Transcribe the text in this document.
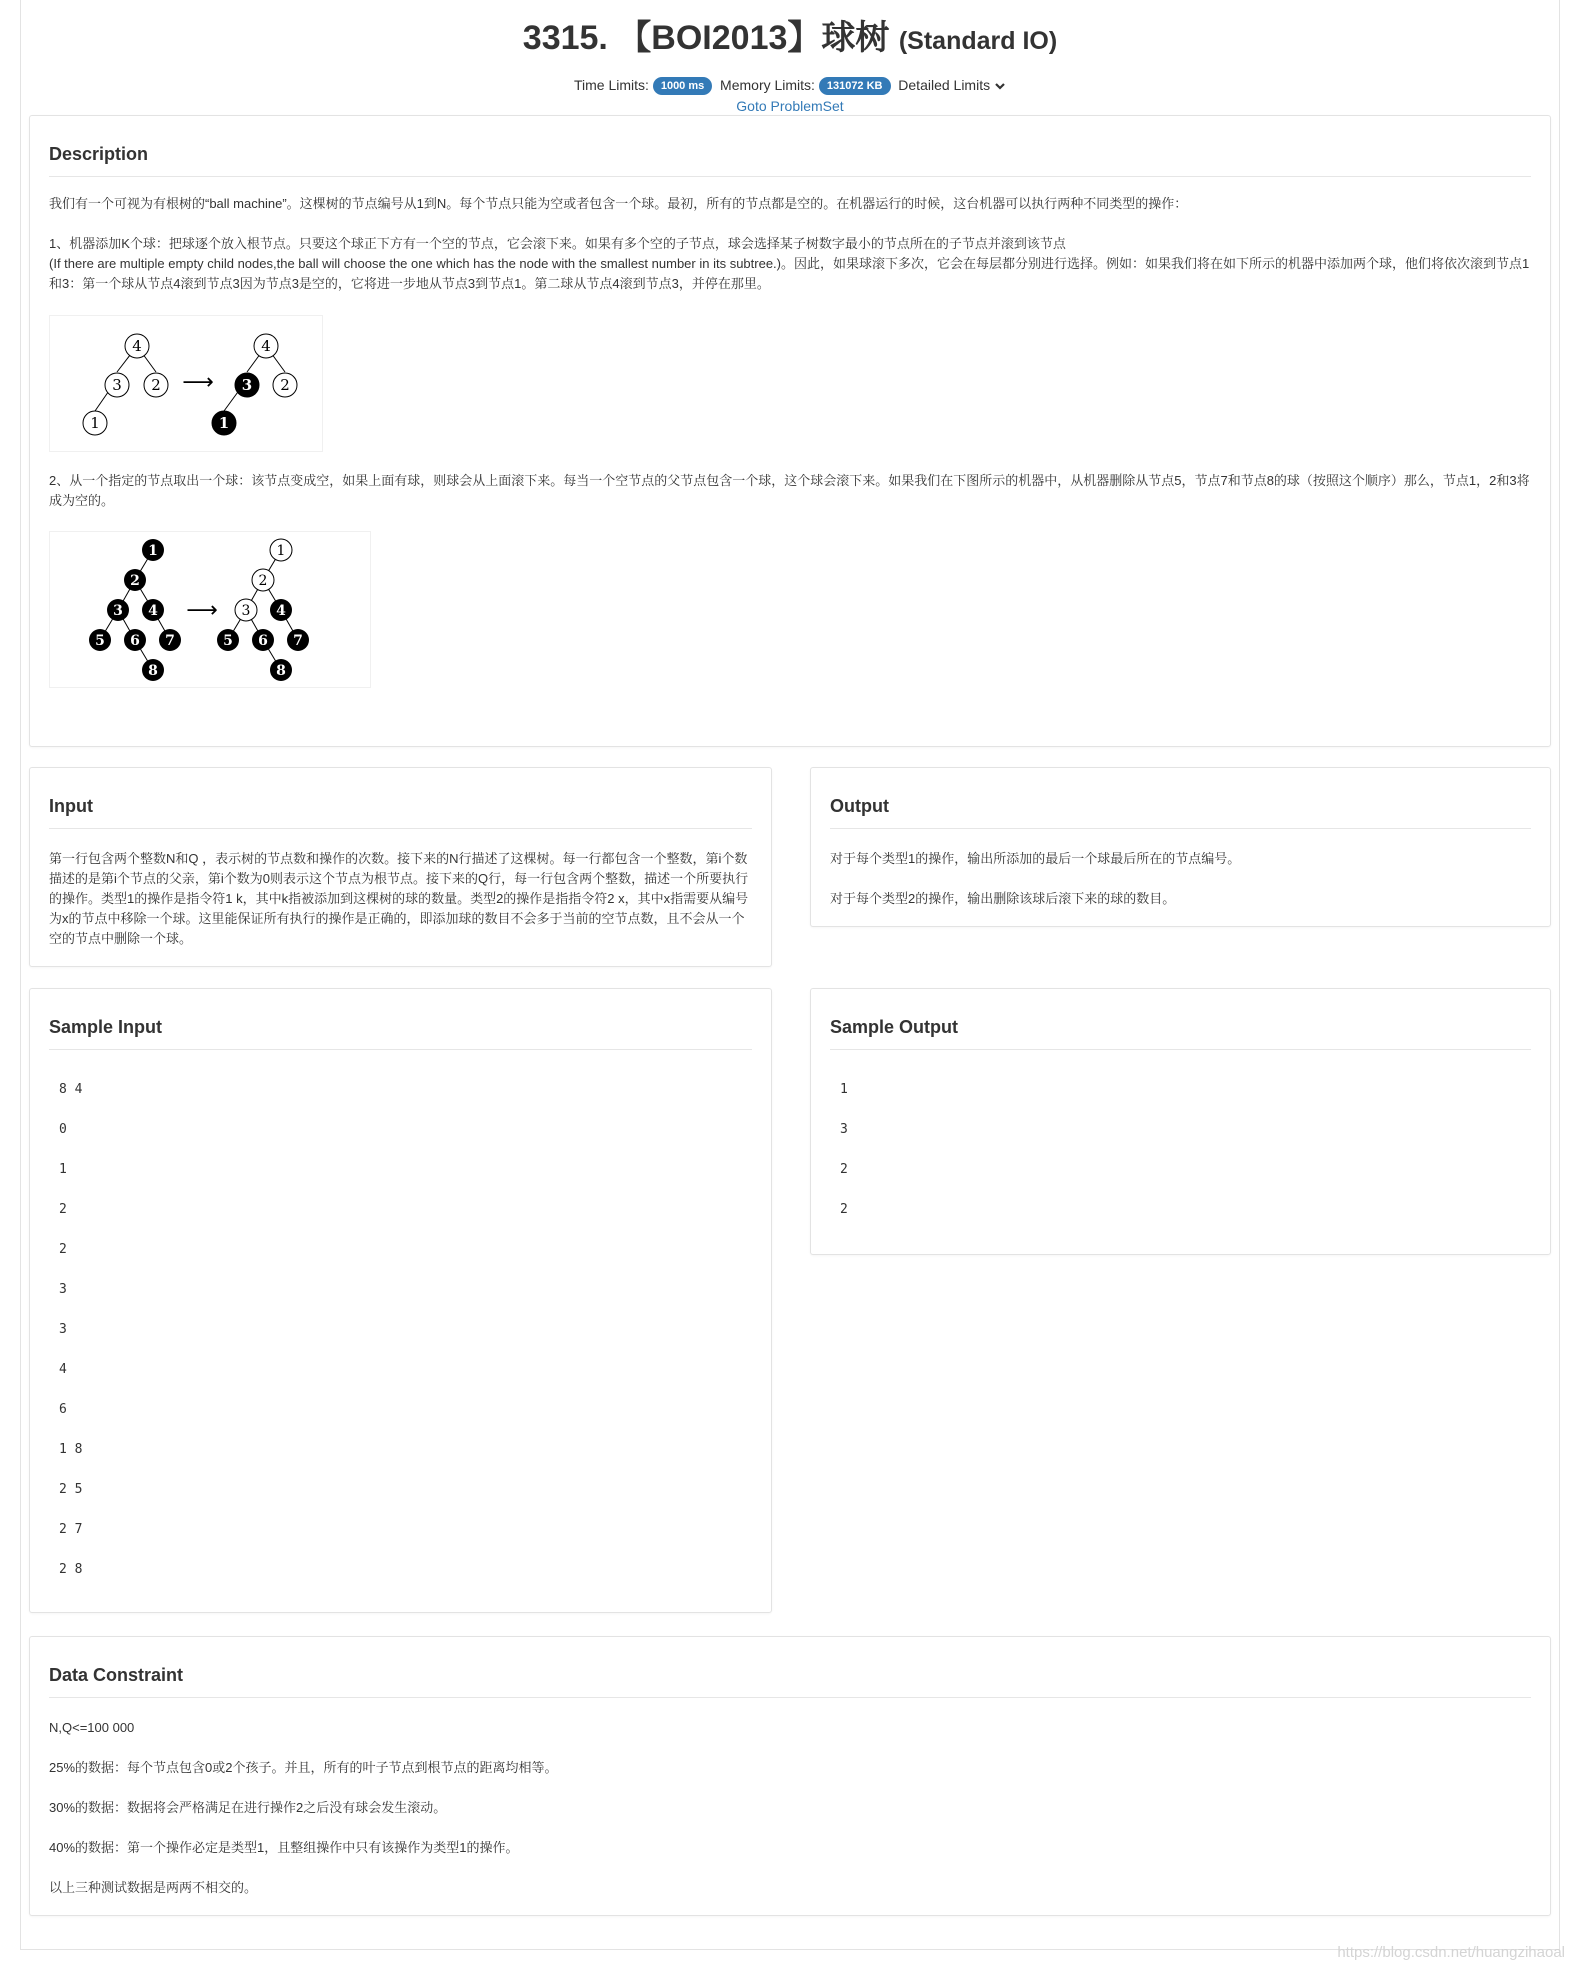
3315. 【BOI2013】球树 (Standard IO)
Time Limits: 1000 ms Memory Limits: 131072 KB Detailed Limits
Goto ProblemSet
Description

我们有一个可视为有根树的“ball machine”。这棵树的节点编号从1到N。每个节点只能为空或者包含一个球。最初，所有的节点都是空的。在机器运行的时候，这台机器可以执行两种不同类型的操作：

1、机器添加K个球：把球逐个放入根节点。只要这个球正下方有一个空的节点，它会滚下来。如果有多个空的子节点，球会选择某子树数字最小的节点所在的子节点并滚到该节点

(If there are multiple empty child nodes,the ball will choose the one which has the node with the smallest number in its subtree.)。因此，如果球滚下多次，它会在每层都分别进行选择。例如：如果我们将在如下所示的机器中添加两个球，他们将依次滚到节点1和3：第一个球从节点4滚到节点3因为节点3是空的，它将进一步地从节点3到节点1。第二球从节点4滚到节点3，并停在那里。

4
3 2
1
⟶
4
3 2
1

2、从一个指定的节点取出一个球：该节点变成空，如果上面有球，则球会从上面滚下来。每当一个空节点的父节点包含一个球，这个球会滚下来。如果我们在下图所示的机器中，从机器删除从节点5，节点7和节点8的球（按照这个顺序）那么，节点1，2和3将成为空的。

1
2
3 4
5 6 7
8
⟶
1
2
3 4
5 6 7
8
Input

第一行包含两个整数N和Q ，表示树的节点数和操作的次数。接下来的N行描述了这棵树。每一行都包含一个整数，第i个数描述的是第i个节点的父亲，第i个数为0则表示这个节点为根节点。接下来的Q行，每一行包含两个整数，描述一个所要执行的操作。类型1的操作是指令符1 k，其中k指被添加到这棵树的球的数量。类型2的操作是指指令符2 x，其中x指需要从编号为x的节点中移除一个球。这里能保证所有执行的操作是正确的，即添加球的数目不会多于当前的空节点数，且不会从一个空的节点中删除一个球。

Output

对于每个类型1的操作，输出所添加的最后一个球最后所在的节点编号。

对于每个类型2的操作，输出删除该球后滚下来的球的数目。

Sample Input

8 4

0

1

2

2

3

3

4

6

1 8

2 5

2 7

2 8

Sample Output

1

3

2

2

Data Constraint

N,Q<=100 000

25%的数据：每个节点包含0或2个孩子。并且，所有的叶子节点到根节点的距离均相等。

30%的数据：数据将会严格满足在进行操作2之后没有球会发生滚动。

40%的数据：第一个操作必定是类型1，且整组操作中只有该操作为类型1的操作。

以上三种测试数据是两两不相交的。

https://blog.csdn.net/huangzihaoal
